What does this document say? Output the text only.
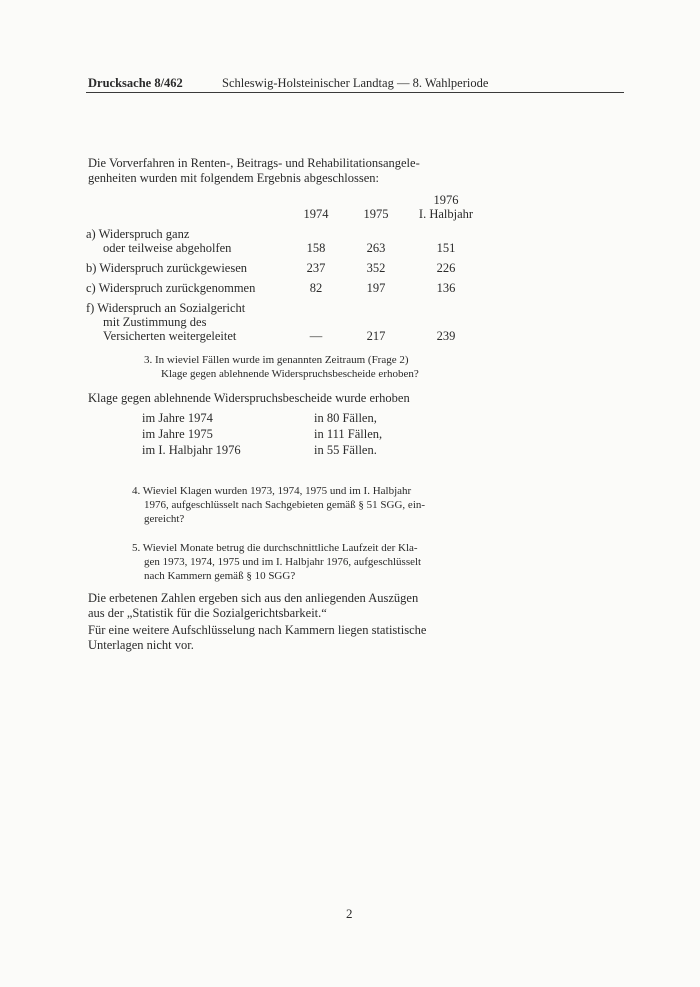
Drucksache 8/462	Schleswig-Holsteinischer Landtag — 8. Wahlperiode
Die Vorverfahren in Renten-, Beitrags- und Rehabilitationsangele-
genheiten wurden mit folgendem Ergebnis abgeschlossen:
	1974	1975	1976
I. Halbjahr

a) Widerspruch ganz
oder teilweise abgeholfen	158	263	151
b) Widerspruch zurückgewiesen	237	352	226
c) Widerspruch zurückgenommen	82	197	136

f) Widerspruch an Sozialgericht
mit Zustimmung des
Versicherten weitergeleitet	—	217	239
3. In wieviel Fällen wurde im genannten Zeitraum (Frage 2)
Klage gegen ablehnende Widerspruchsbescheide erhoben?
Klage gegen ablehnende Widerspruchsbescheide wurde erhoben
im Jahre 1974	in 80 Fällen,
im Jahre 1975	in 111 Fällen,
im I. Halbjahr 1976	in 55 Fällen.
4. Wieviel Klagen wurden 1973, 1974, 1975 und im I. Halbjahr
1976, aufgeschlüsselt nach Sachgebieten gemäß § 51 SGG, ein-
gereicht?
5. Wieviel Monate betrug die durchschnittliche Laufzeit der Kla-
gen 1973, 1974, 1975 und im I. Halbjahr 1976, aufgeschlüsselt
nach Kammern gemäß § 10 SGG?
Die erbetenen Zahlen ergeben sich aus den anliegenden Auszügen
aus der „Statistik für die Sozialgerichtsbarkeit.“
Für eine weitere Aufschlüsselung nach Kammern liegen statistische
Unterlagen nicht vor.
2
